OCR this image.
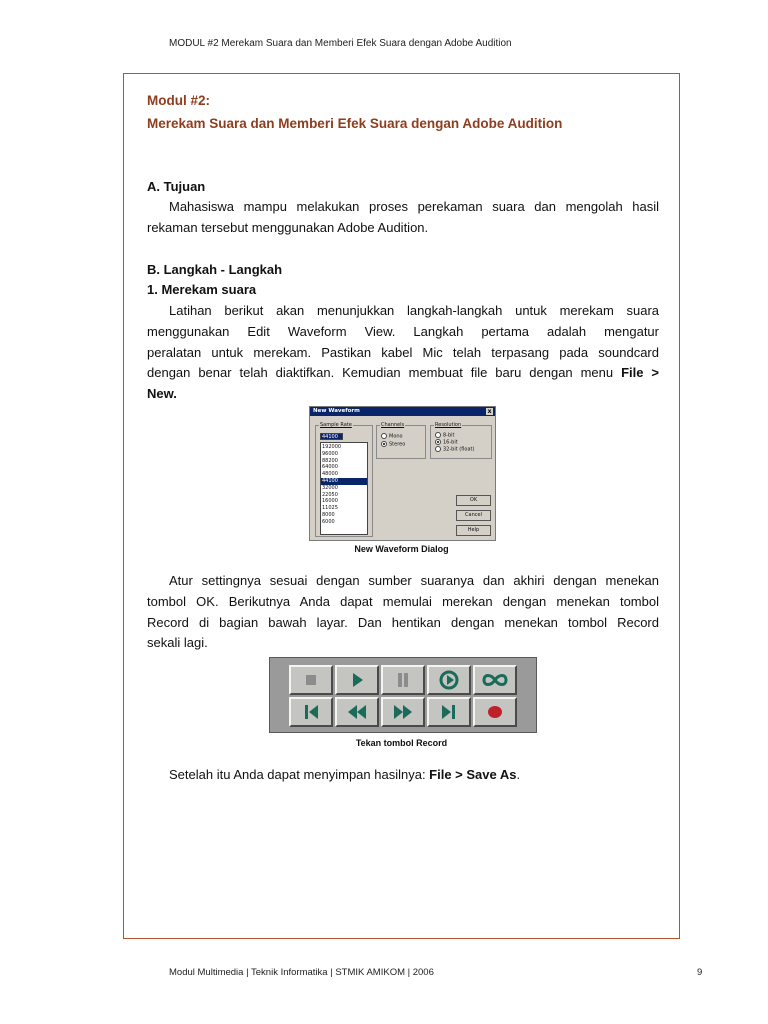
MODUL #2 Merekam Suara dan Memberi Efek Suara dengan Adobe Audition
Modul #2:
Merekam Suara dan Memberi Efek Suara dengan Adobe Audition
A. Tujuan
Mahasiswa mampu melakukan proses perekaman suara dan mengolah hasil
rekaman tersebut menggunakan Adobe Audition.
B. Langkah - Langkah
1. Merekam suara
Latihan berikut akan menunjukkan langkah-langkah untuk merekam suara
menggunakan Edit Waveform View. Langkah pertama adalah mengatur
peralatan untuk merekam. Pastikan kabel Mic telah terpasang pada soundcard
dengan benar telah diaktifkan. Kemudian membuat file baru dengan menu File >
New.
New Waveform	x
Sample Rate
44100
192000
96000
88200
64000
48000
44100
32000
22050
16000
11025
8000
6000
Channels
Mono
Stereo
Resolution
8-bit
16-bit
32-bit (float)
OK
Cancel
Help
New Waveform Dialog
Atur settingnya sesuai dengan sumber suaranya dan akhiri dengan menekan
tombol OK. Berikutnya Anda dapat memulai merekan dengan menekan tombol
Record di bagian bawah layar. Dan hentikan dengan menekan tombol Record
sekali lagi.
Tekan tombol Record
Setelah itu Anda dapat menyimpan hasilnya: File > Save As.
Modul Multimedia | Teknik Informatika | STMIK AMIKOM | 2006	9
